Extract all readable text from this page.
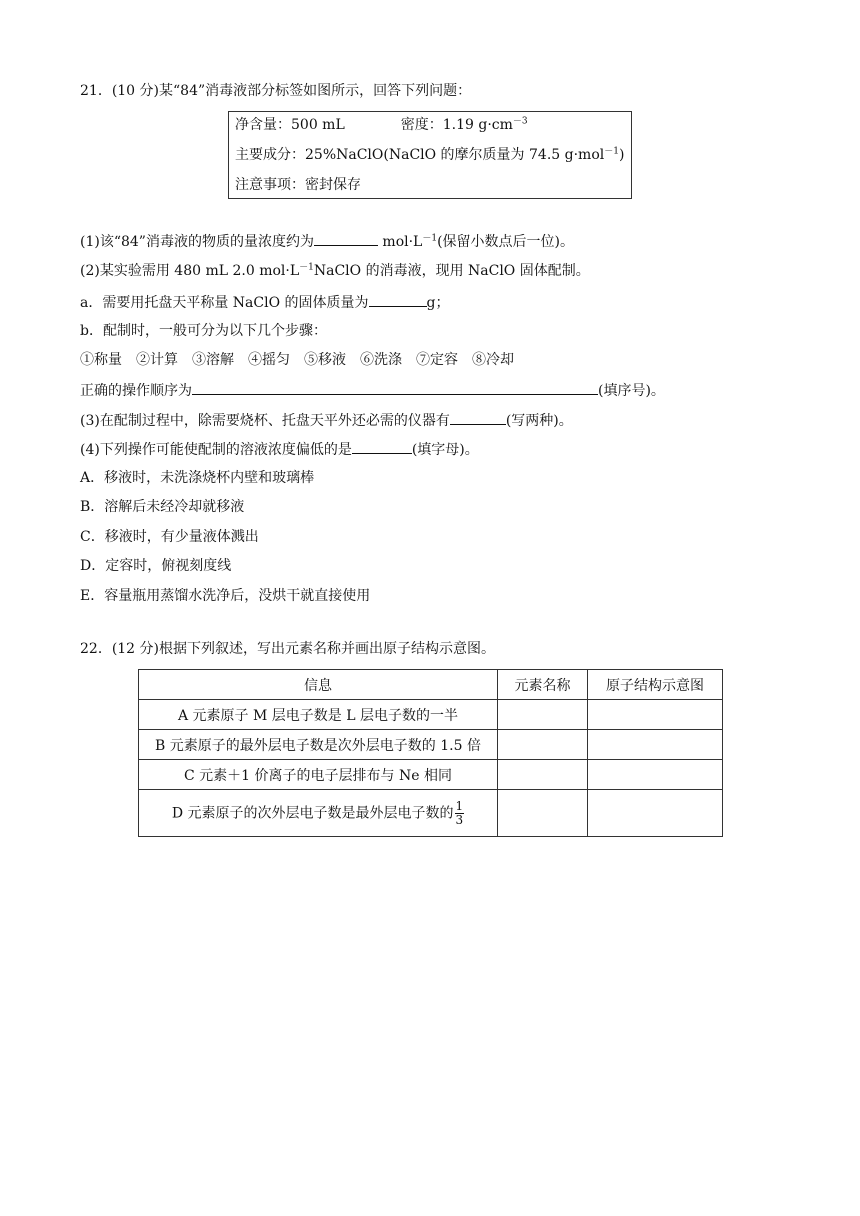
21．(10 分)某“84”消毒液部分标签如图所示，回答下列问题：
净含量：500 mL	密度：1.19 $g\cdot cm^{-3}$
主要成分：25%NaClO(NaClO 的摩尔质量为 74.5 g·mol$^{-1}$)
注意事项：密封保存
(1)该“84”消毒液的物质的量浓度约为	$mol\cdot L^{-1}$(保留小数点后一位)。
(2)某实验需用 480 mL 2.0 $mol\cdot L^{-1}NaClO$ 的消毒液，现用 NaClO 固体配制。
a．需要用托盘天平称量 NaClO 的固体质量为	g；
b．配制时，一般可分为以下几个步骤：
①称量　②计算　③溶解　④摇匀　⑤移液　⑥洗涤　⑦定容　⑧冷却
正确的操作顺序为	(填序号)。
(3)在配制过程中，除需要烧杯、托盘天平外还必需的仪器有	(写两种)。
(4)下列操作可能使配制的溶液浓度偏低的是	(填字母)。
A．移液时，未洗涤烧杯内壁和玻璃棒
B．溶解后未经冷却就移液
C．移液时，有少量液体溅出
D．定容时，俯视刻度线
E．容量瓶用蒸馏水洗净后，没烘干就直接使用
22．(12 分)根据下列叙述，写出元素名称并画出原子结构示意图。
信息	元素名称	原子结构示意图
A 元素原子 M 层电子数是 L 层电子数的一半		
B 元素原子的最外层电子数是次外层电子数的 1.5 倍		
C 元素＋1 价离子的电子层排布与 Ne 相同		
D 元素原子的次外层电子数是最外层电子数的 $\frac{1}{3}$
